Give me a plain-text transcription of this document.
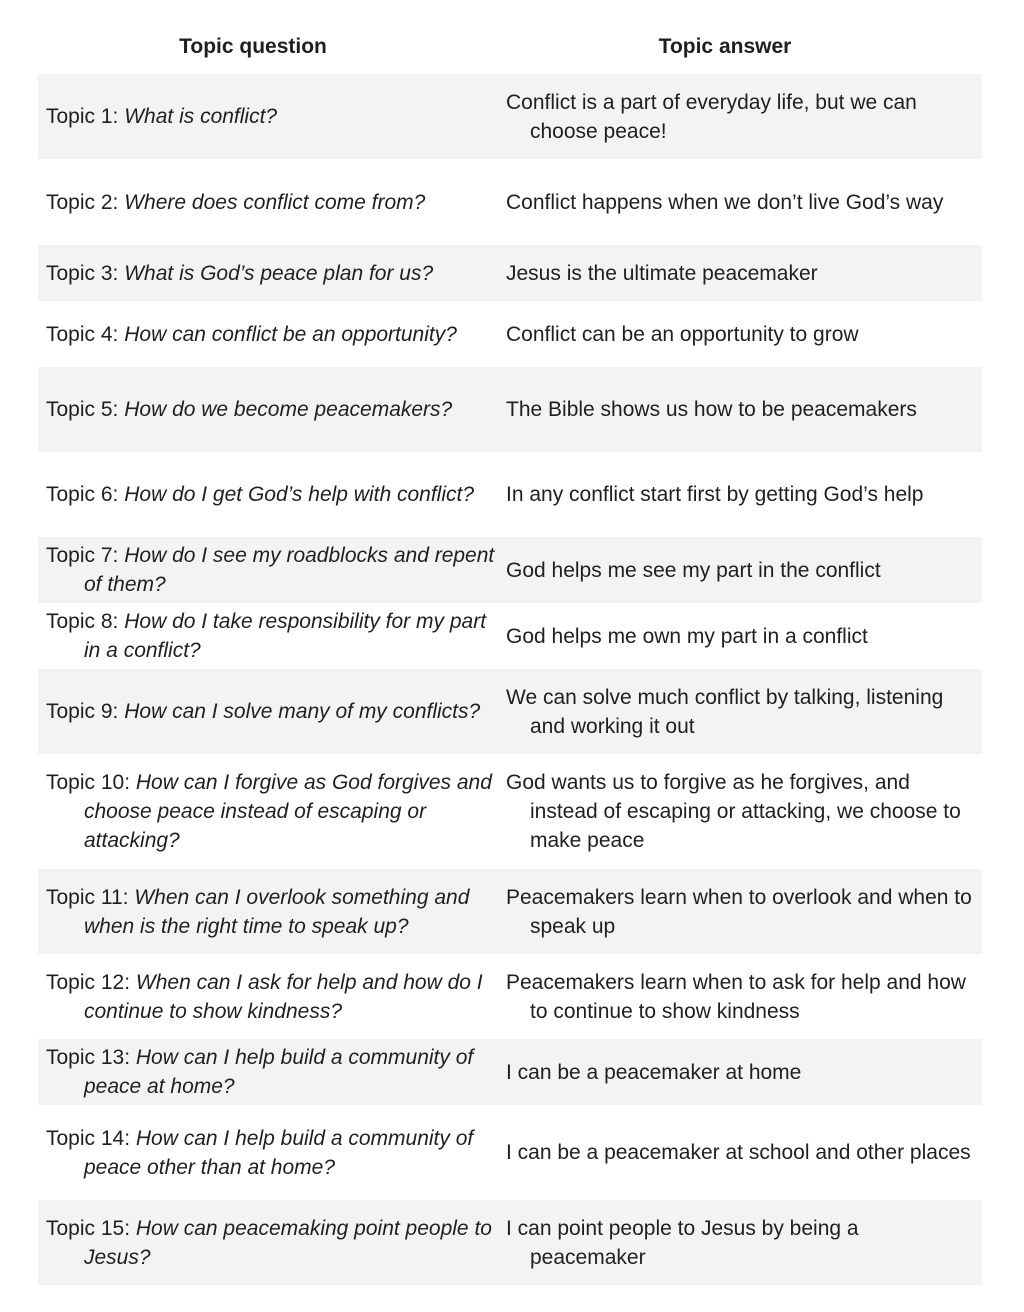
Topic question	Topic answer
Topic 1: What is conflict?	Conflict is a part of everyday life, but we can choose peace!
Topic 2: Where does conflict come from?	Conflict happens when we don’t live God’s way
Topic 3: What is God’s peace plan for us?	Jesus is the ultimate peacemaker
Topic 4: How can conflict be an opportunity?	Conflict can be an opportunity to grow
Topic 5: How do we become peacemakers?	The Bible shows us how to be peacemakers
Topic 6: How do I get God’s help with conflict?	In any conflict start first by getting God’s help
Topic 7: How do I see my roadblocks and repent of them?	God helps me see my part in the conflict
Topic 8: How do I take responsibility for my part in a conflict?	God helps me own my part in a conflict
Topic 9: How can I solve many of my conflicts?	We can solve much conflict by talking, listening and working it out
Topic 10: How can I forgive as God forgives and choose peace instead of escaping or attacking?	God wants us to forgive as he forgives, and instead of escaping or attacking, we choose to make peace
Topic 11: When can I overlook something and when is the right time to speak up?	Peacemakers learn when to overlook and when to speak up
Topic 12: When can I ask for help and how do I continue to show kindness?	Peacemakers learn when to ask for help and how to continue to show kindness
Topic 13: How can I help build a community of peace at home?	I can be a peacemaker at home
Topic 14: How can I help build a community of peace other than at home?	I can be a peacemaker at school and other places
Topic 15: How can peacemaking point people to Jesus?	I can point people to Jesus by being a peacemaker
